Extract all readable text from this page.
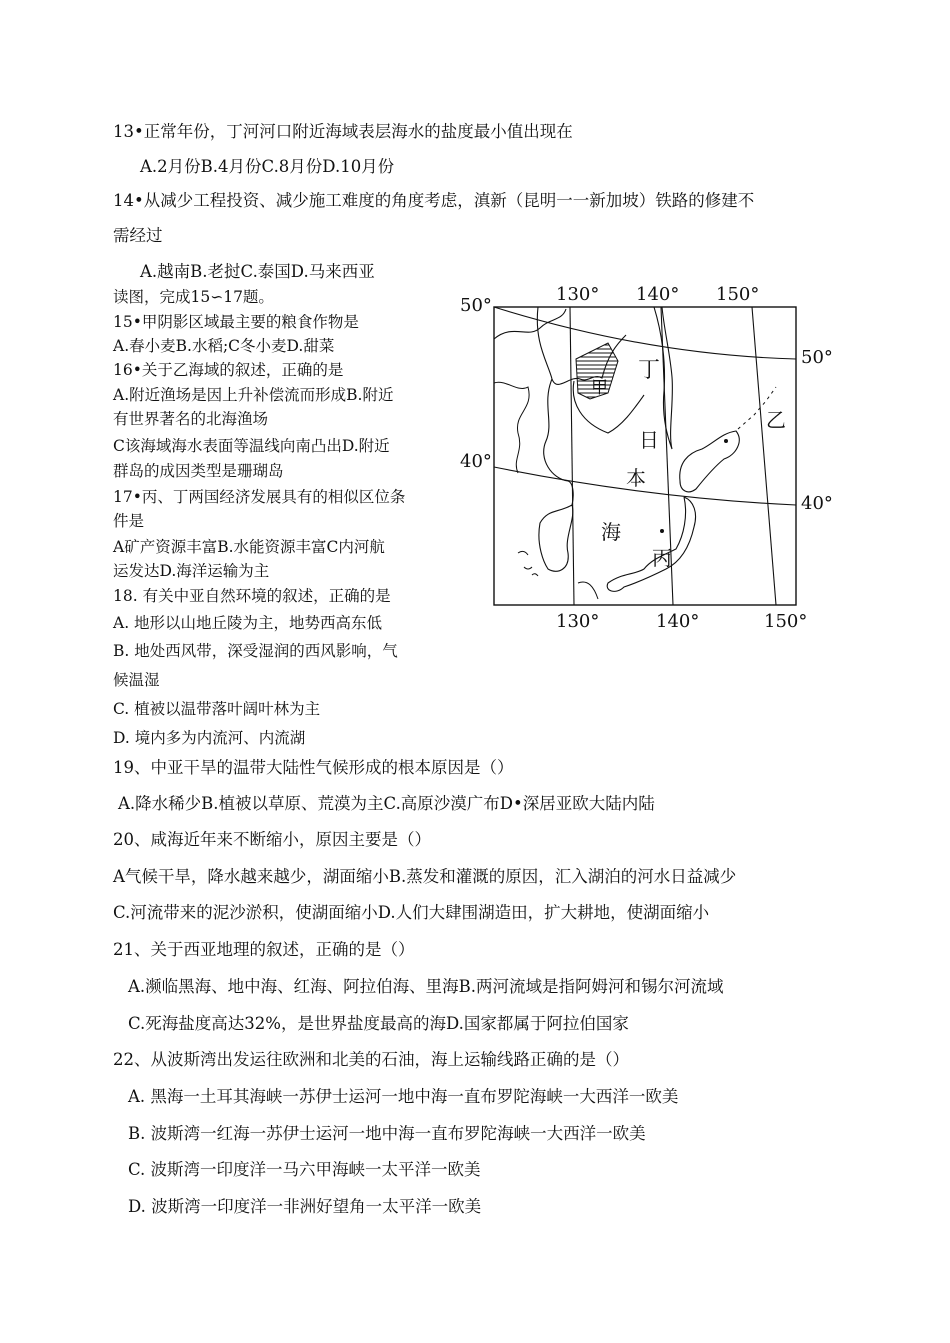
13•正常年份，丁河河口附近海域表层海水的盐度最小值出现在
A.2月份B.4月份C.8月份D.10月份
14•从减少工程投资、减少施工难度的角度考虑，滇新（昆明一一新加坡）铁路的修建不
需经过
A.越南B.老挝C.泰国D.马来西亚
读图，完成15∽17题。
15•甲阴影区域最主要的粮食作物是
A.春小麦B.水稻;C冬小麦D.甜菜
16•关于乙海域的叙述，正确的是
A.附近渔场是因上升补偿流而形成B.附近
有世界著名的北海渔场
C该海域海水表面等温线向南凸出D.附近
群岛的成因类型是珊瑚岛
17•丙、丁两国经济发展具有的相似区位条
件是
A矿产资源丰富B.水能资源丰富C内河航
运发达D.海洋运输为主
18. 有关中亚自然环境的叙述，正确的是
A. 地形以山地丘陵为主，地势西高东低
B. 地处西风带，深受湿润的西风影响，气
候温湿
C. 植被以温带落叶阔叶林为主
D. 境内多为内流河、内流湖
19、中亚干旱的温带大陆性气候形成的根本原因是（）
A.降水稀少B.植被以草原、荒漠为主C.高原沙漠广布D•深居亚欧大陆内陆
20、咸海近年来不断缩小，原因主要是（）
A气候干旱，降水越来越少，湖面缩小B.蒸发和灌溉的原因，汇入湖泊的河水日益减少
C.河流带来的泥沙淤积，使湖面缩小D.人们大肆围湖造田，扩大耕地，使湖面缩小
21、关于西亚地理的叙述，正确的是（）
A.濒临黑海、地中海、红海、阿拉伯海、里海B.两河流域是指阿姆河和锡尔河流域
C.死海盐度高达32%，是世界盐度最高的海D.国家都属于阿拉伯国家
22、从波斯湾出发运往欧洲和北美的石油，海上运输线路正确的是（）
A. 黑海一土耳其海峡一苏伊士运河一地中海一直布罗陀海峡一大西洋一欧美
B. 波斯湾一红海一苏伊士运河一地中海一直布罗陀海峡一大西洋一欧美
C. 波斯湾一印度洋一马六甲海峡一太平洋一欧美
D. 波斯湾一印度洋一非洲好望角一太平洋一欧美
130° 140° 150°
130°	140°	150°
50°
40°
50°
40°
丁
甲
乙
丙
日
本
海
